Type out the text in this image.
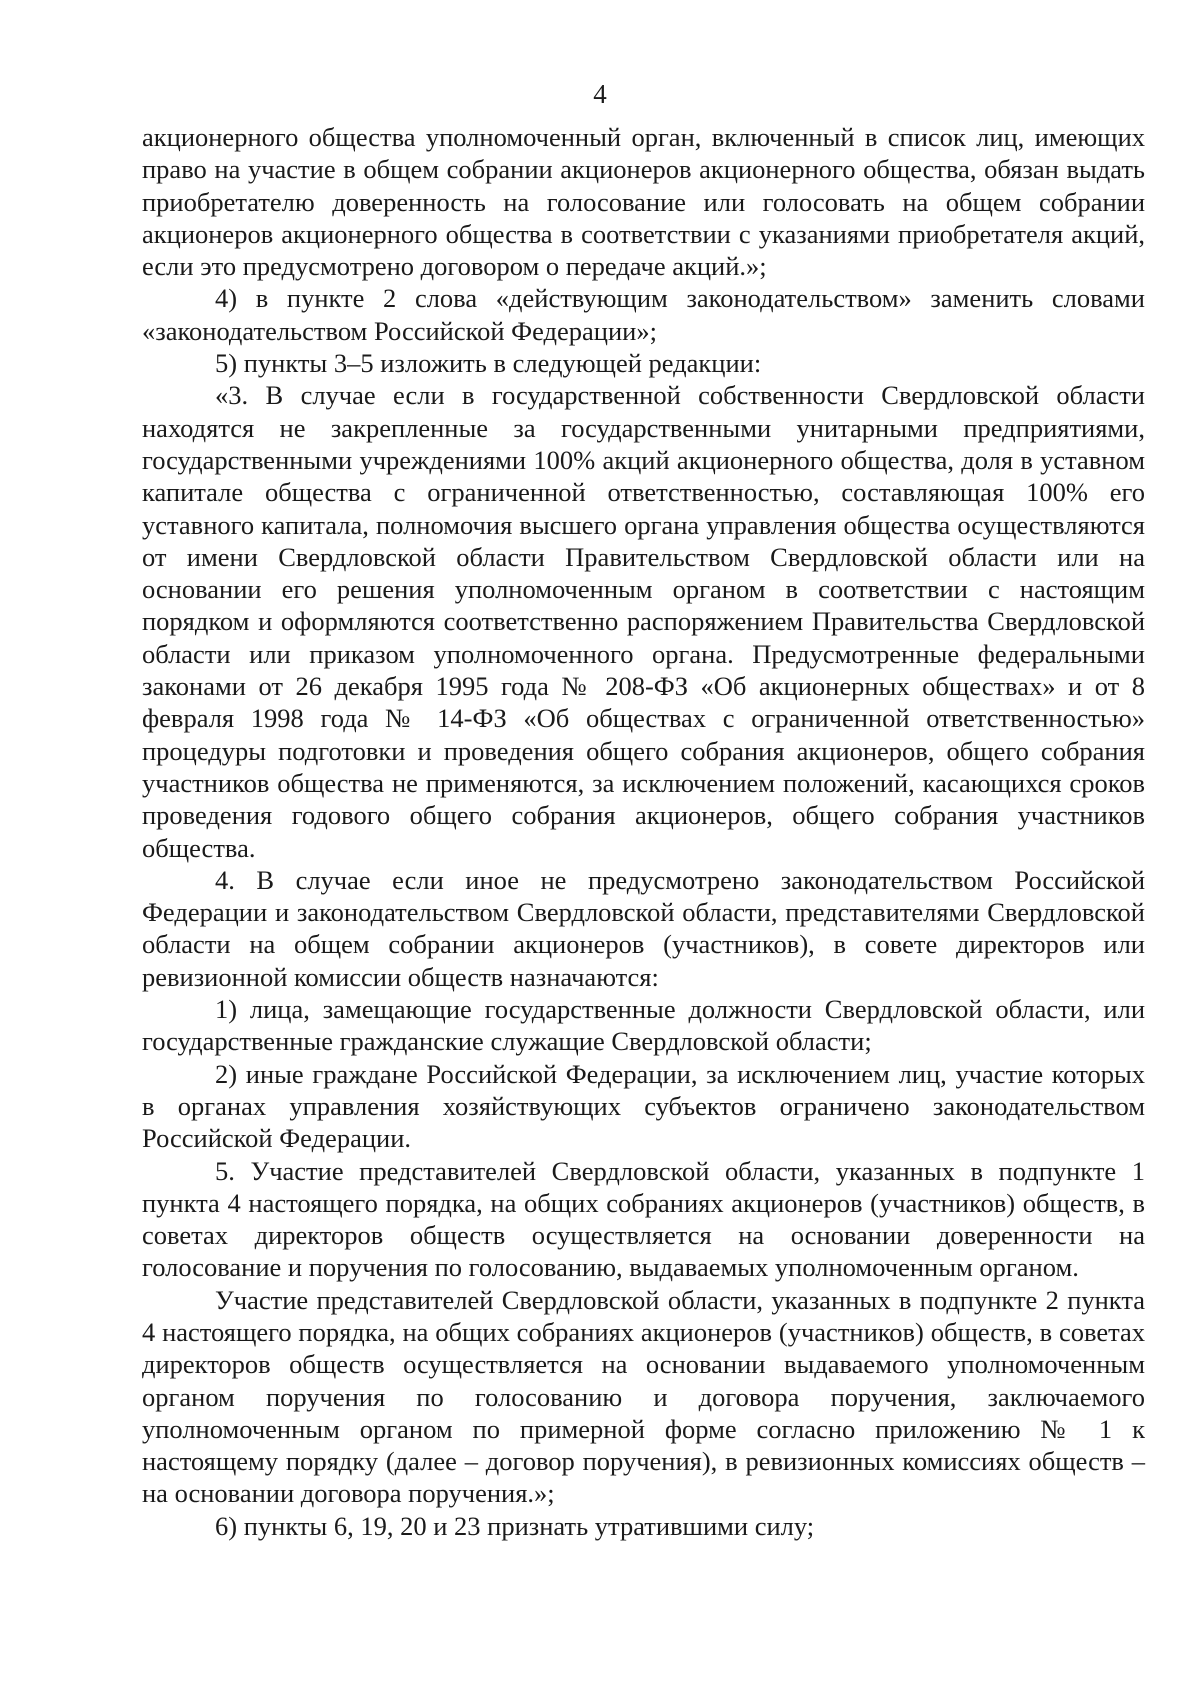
4

акционерного общества уполномоченный орган, включенный в список лиц, имеющих право на участие в общем собрании акционеров акционерного общества, обязан выдать приобретателю доверенность на голосование или голосовать на общем собрании акционеров акционерного общества в соответствии с указаниями приобретателя акций, если это предусмотрено договором о передаче акций.»;

4) в пункте 2 слова «действующим законодательством» заменить словами «законодательством Российской Федерации»;

5) пункты 3–5 изложить в следующей редакции:

«3. В случае если в государственной собственности Свердловской области находятся не закрепленные за государственными унитарными предприятиями, государственными учреждениями 100% акций акционерного общества, доля в уставном капитале общества с ограниченной ответственностью, составляющая 100% его уставного капитала, полномочия высшего органа управления общества осуществляются от имени Свердловской области Правительством Свердловской области или на основании его решения уполномоченным органом в соответствии с настоящим порядком и оформляются соответственно распоряжением Правительства Свердловской области или приказом уполномоченного органа. Предусмотренные федеральными законами от 26 декабря 1995 года № 208-ФЗ «Об акционерных обществах» и от 8 февраля 1998 года № 14-ФЗ «Об обществах с ограниченной ответственностью» процедуры подготовки и проведения общего собрания акционеров, общего собрания участников общества не применяются, за исключением положений, касающихся сроков проведения годового общего собрания акционеров, общего собрания участников общества.

4. В случае если иное не предусмотрено законодательством Российской Федерации и законодательством Свердловской области, представителями Свердловской области на общем собрании акционеров (участников), в совете директоров или ревизионной комиссии обществ назначаются:

1) лица, замещающие государственные должности Свердловской области, или государственные гражданские служащие Свердловской области;

2) иные граждане Российской Федерации, за исключением лиц, участие которых в органах управления хозяйствующих субъектов ограничено законодательством Российской Федерации.

5. Участие представителей Свердловской области, указанных в подпункте 1 пункта 4 настоящего порядка, на общих собраниях акционеров (участников) обществ, в советах директоров обществ осуществляется на основании доверенности на голосование и поручения по голосованию, выдаваемых уполномоченным органом.

Участие представителей Свердловской области, указанных в подпункте 2 пункта 4 настоящего порядка, на общих собраниях акционеров (участников) обществ, в советах директоров обществ осуществляется на основании выдаваемого уполномоченным органом поручения по голосованию и договора поручения, заключаемого уполномоченным органом по примерной форме согласно приложению № 1 к настоящему порядку (далее – договор поручения), в ревизионных комиссиях обществ – на основании договора поручения.»;

6) пункты 6, 19, 20 и 23 признать утратившими силу;
